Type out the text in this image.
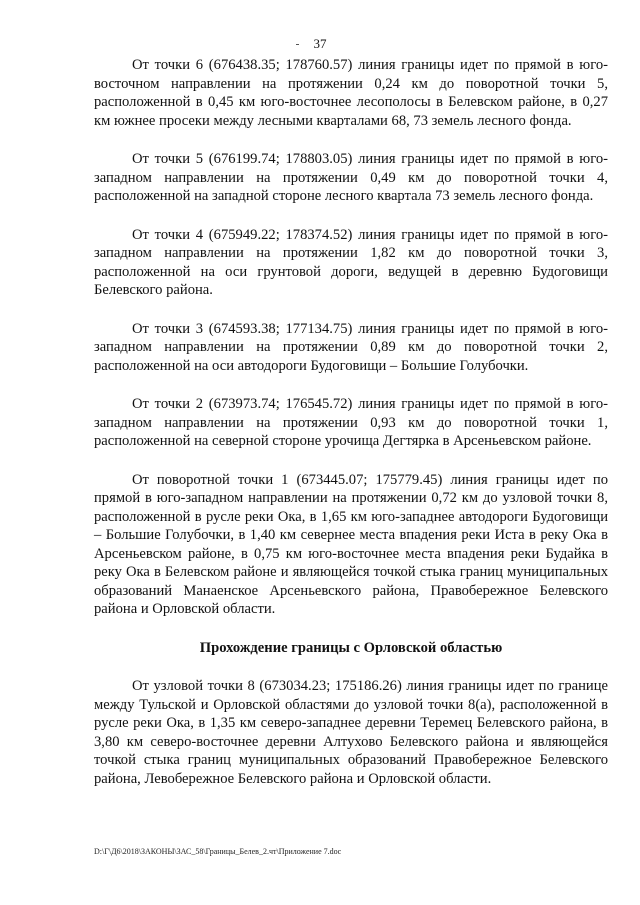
37

От точки 6 (676438.35; 178760.57) линия границы идет по прямой в юго-восточном направлении на протяжении 0,24 км до поворотной точки 5, расположенной в 0,45 км юго-восточнее лесополосы в Белевском районе, в 0,27 км южнее просеки между лесными кварталами 68, 73 земель лесного фонда.

От точки 5 (676199.74; 178803.05) линия границы идет по прямой в юго-западном направлении на протяжении 0,49 км до поворотной точки 4, расположенной на западной стороне лесного квартала 73 земель лесного фонда.

От точки 4 (675949.22; 178374.52) линия границы идет по прямой в юго-западном направлении на протяжении 1,82 км до поворотной точки 3, расположенной на оси грунтовой дороги, ведущей в деревню Будоговищи Белевского района.

От точки 3 (674593.38; 177134.75) линия границы идет по прямой в юго-западном направлении на протяжении 0,89 км до поворотной точки 2, расположенной на оси автодороги Будоговищи – Большие Голубочки.

От точки 2 (673973.74; 176545.72) линия границы идет по прямой в юго-западном направлении на протяжении 0,93 км до поворотной точки 1, расположенной на северной стороне урочища Дегтярка в Арсеньевском районе.

От поворотной точки 1 (673445.07; 175779.45) линия границы идет по прямой в юго-западном направлении на протяжении 0,72 км до узловой точки 8, расположенной в русле реки Ока, в 1,65 км юго-западнее автодороги Будоговищи – Большие Голубочки, в 1,40 км севернее места впадения реки Иста в реку Ока в Арсеньевском районе, в 0,75 км юго-восточнее места впадения реки Будайка в реку Ока в Белевском районе и являющейся точкой стыка границ муниципальных образований Манаенское Арсеньевского района, Правобережное Белевского района и Орловской области.

Прохождение границы с Орловской областью

От узловой точки 8 (673034.23; 175186.26) линия границы идет по границе между Тульской и Орловской областями до узловой точки 8(а), расположенной в русле реки Ока, в 1,35 км северо-западнее деревни Теремец Белевского района, в 3,80 км северо-восточнее деревни Алтухово Белевского района и являющейся точкой стыка границ муниципальных образований Правобережное Белевского района, Левобережное Белевского района и Орловской области.

D:\Г\Д6\2018\ЗАКОНЫ\ЗАС_58\Границы_Белев_2.чт\Приложение 7.doc
